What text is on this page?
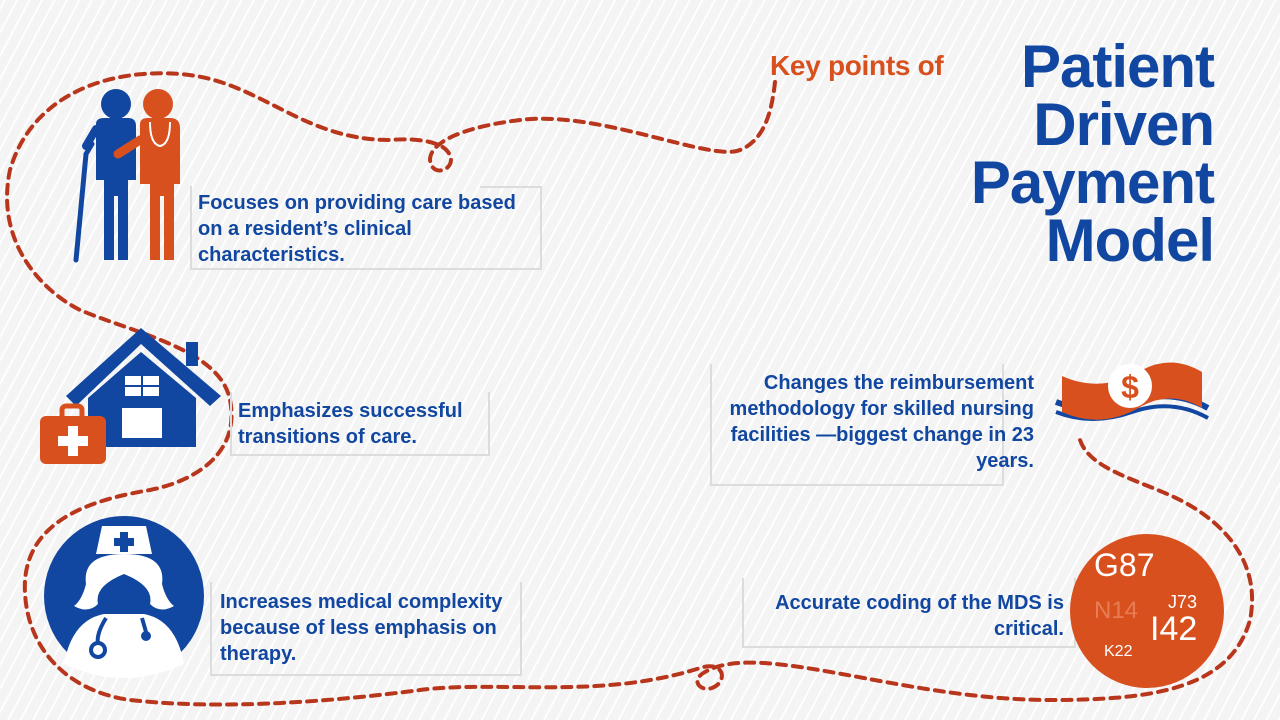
Key points of	Patient
Driven
Payment
Model
Focuses on providing care based on a resident’s clinical characteristics.
Emphasizes successful transitions of care.
Increases medical complexity because of less emphasis on therapy.
Changes the reimbursement methodology for skilled nursing facilities —biggest change in 23 years.
$
Accurate coding of the MDS is critical.
G87
N14 J73
I42
K22
